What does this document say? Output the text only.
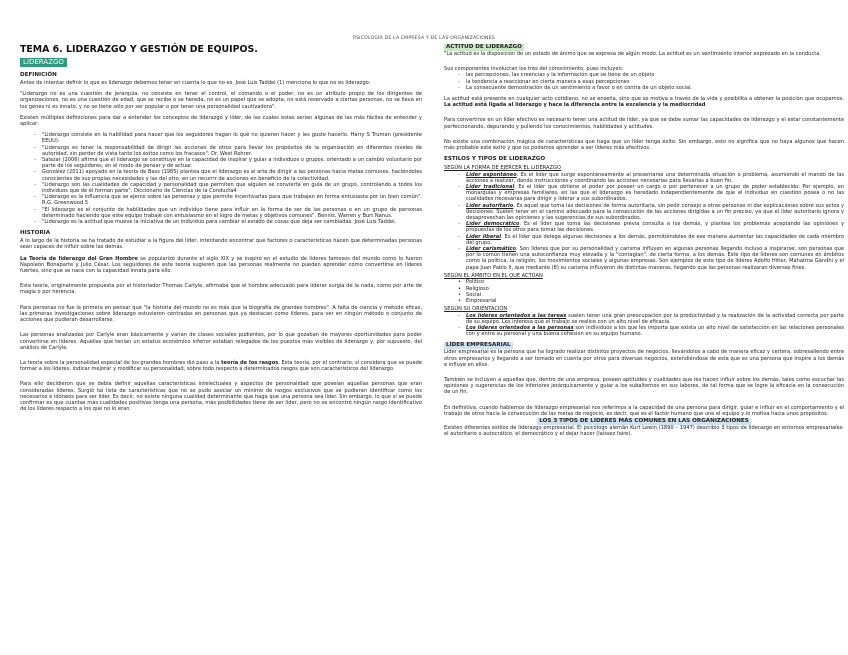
PSICOLOGÍA DE LA EMPRESA Y DE LAS ORGANIZACIONES
TEMA 6. LIDERAZGO Y GESTIÓN DE EQUIPOS.
LIDERAZGO
DEFINICIÓN

Antes de intentar definir lo que es liderazgo debemos tener en cuenta lo que no es. José Luis Taddei (1) menciona lo que no es liderazgo:

"Liderazgo no es una cuestión de jerarquía, no consiste en tener el control, el comando o el poder, no es un atributo propio de los dirigentes de organizaciones, no es una cuestión de edad, que se recibe o se hereda, no es un papel que se adopta, no está reservado a ciertas personas, no se lleva en los genes ni es innato, y no se tiene sólo por ser popular o por tener una personalidad cautivadora".

Existen múltiples definiciones para dar a entender los conceptos de liderazgo y líder, de las cuales estas serían algunas de las más fáciles de entender y aplicar:

- "Liderazgo consiste en la habilidad para hacer que los seguidores hagan lo que no quieren hacer y les guste hacerlo. Harry S Truman (presidente EEUU).
- "Liderazgo es tener la responsabilidad de dirigir las acciones de otros para llevar los propósitos de la organización en diferentes niveles de autoridad, sin perder de vista tanto los éxitos como los fracasos". Dr. West Rohrer.
- Salazar (2006) afirma que el liderazgo se constituye en la capacidad de inspirar y guiar a individuos o grupos, orientado a un cambio voluntario por parte de los seguidores, en el modo de pensar y de actuar.
- González (2011) apoyado en la teoría de Bass (1985) plantea que el liderazgo es el arte de dirigir a las personas hacia metas comunes, haciéndoles conscientes de sus propias necesidades y las del otro, en un recurrir de acciones en beneficio de la colectividad.
- "Liderazgo son las cualidades de capacidad y personalidad que permiten que alguien se convierta en guía de un grupo, controlando a todos los individuos que de él forman parte". Diccionario de Ciencias de la Conducta4
- "Liderazgo es la influencia que se ejerce sobre las personas y que permite incentivarlas para que trabajen en forma entusiasta por un bien común". R.G. Greenwood.5
- "El liderazgo es el conjunto de habilidades que un individuo tiene para influir en la forma de ser de las personas o en un grupo de personas determinado haciendo que este equipo trabaje con entusiasmo en el logro de metas y objetivos comunes". Bennis, Warren y Burt Nanus.
- "Liderazgo es la actitud que mueve la iniciativa de un individuo para cambiar el estado de cosas que deja ser cambiadas. José Luis Taddei.
HISTORIA

A lo largo de la historia se ha tratado de estudiar a la figura del líder, intentando encontrar qué factores o características hacen que determinadas personas sean capaces de influir sobre las demás.

La Teoría de liderazgo del Gran Hombre se popularizó durante el siglo XIX y se inspiró en el estudio de líderes famosos del mundo como lo fueron Napoleón Bonaparte y Julio César. Los seguidores de este teoría sugieren que las personas realmente no pueden aprender cómo convertirse en líderes fuertes, sino que se nace con la capacidad innata para ello.

Esta teoría, originalmente propuesta por el historiador Thomas Carlyle, afirmaba que el hombre adecuado para liderar surgía de la nada, como por arte de magia o por herencia.

Para personas no fue la primera en pensar que "la historia del mundo no es más que la biografía de grandes hombres". A falta de ciencia y método eficaz, las primeras investigaciones sobre liderazgo estuvieron centradas en personas que ya destacan como líderes, para ver en ningún método o conjunto de acciones que pudieran desarrollarse.

Las personas analizadas por Carlyle eran básicamente y varían de clases sociales pudientes, por lo que gozaban de mayores oportunidades para poder convertirse en líderes. Aquellas que tenían un estatus económico inferior estaban relegados de los puestos más visibles de liderazgo y, por supuesto, del análisis de Carlyle.

La teoría sobre la personalidad especial de los grandes hombres dio paso a la teoría de los rasgos. Esta teoría, por el contrario, sí considera que se puede formar a los líderes, indicar mejorar y modificar su personalidad, sobre todo respecto a determinados rasgos que son característicos del liderazgo.

Para ello decidieron que se debía definir aquellas características intelectuales y aspectos de personalidad que poseían aquellas personas que eran consideradas líderes. Surgió tal lista de características que no se pudo asociar un mínimo de rasgos exclusivos que se pudieran identificar como los necesarios e idóneos para ser líder. Es decir, no existe ninguna cualidad determinante que haga que una persona sea líder. Sin embargo, lo que sí se puede confirmar es que cuantas más cualidades positivas tenga una persona, más posibilidades tiene de ser líder, pero no se encontró ningún rasgo identificativo de los líderes respecto a los que no lo eran.

ACTITUD DE LIDERAZGO

"La actitud es la disposición de un estado de ánimo que se expresa de algún modo. La actitud es un sentimiento interior expresado en la conducta.

Sus componentes involucran los tres del conocimiento, pues incluyen:

- las percepciones, las creencias y la información que se tiene de un objeto
- la tendencia a reaccionar en cierta manera a esas percepciones
- La consecuente demostración de un sentimiento a favor o en contra de un objeto social.

La actitud está presente en cualquier acto cotidiano, no se enseña, sino que se motiva a través de la vida y posibilita a obtener la posición que ocupamos. La actitud está ligada al liderazgo y hace la diferencia entre la excelencia y la mediocridad

Para convertirse en un líder efectivo es necesario tener una actitud de líder, ya que se debe sumar las capacidades de liderazgo y el estar constantemente perfeccionando, depurando y puliendo los conocimientos, habilidades y actitudes.

No existe una combinación mágica de características que haga que un líder tenga éxito. Sin embargo, esto no significa que no haya algunos que hacen más probable este éxito y que no podamos aprender a ser líderes más efectivos.

ESTILOS Y TIPOS DE LIDERAZGO
SEGÚN LA FORMA DE EJERCER EL LIDERAZGO
- Líder espontáneo. Es el líder que surge espontáneamente al presentarse una determinada situación o problema, asumiendo el mando de las acciones a realizar, dando instrucciones y coordinando las acciones necesarias para llevarlas a buen fin.
- Líder tradicional. Es el líder que obtiene el poder por poseer un cargo o por pertenecer a un grupo de poder establecido. Por ejemplo, en monarquías y empresas familiares, en las que el liderazgo es heredado independientemente de que el individuo en cuestión posea o no las cualidades necesarias para dirigir y liderar a sus subordinados.
- Líder autoritario. Es aquel que toma las decisiones de forma autoritaria, sin pedir consejo a otras personas ni dar explicaciones sobre sus actos y decisiones. Suelen tener en el camino adecuado para la consecución de las acciones dirigidas a un fin preciso, ya que el líder autoritario ignora y desaprovechan las opiniones y las sugerencias de sus subordinados.
- Líder democrático. Es el líder que toma las decisiones previa consulta a los demás, y plantea los problemas aceptando las opiniones y propuestas de los otros para tomar las decisiones.
- Líder liberal. Es el líder que delega algunas decisiones a los demás, permitiéndoles de ese manera aumentar las capacidades de cada miembro del grupo.
- Líder carismático. Son líderes que por su personalidad y carisma influyen en algunas personas llegando incluso a inspirarse; son personas que por lo común tienen una autoconfianza muy elevada y la "contagian", de cierta forma, a los demás. Este tipo de líderes son comunes en ámbitos como la política, la religión, los movimientos sociales y algunas empresas. Son ejemplos de este tipo de líderes Adolfo Hitler, Mahatma Gandhi y el papa Juan Pablo II, que mediante (8) su carisma influyeron de distintas maneras, llegando que las personas realizaran diversas fines.
SEGÚN EL ÁMBITO EN EL QUE ACTÚAN
• Político
• Religioso
• Social
• Empresarial
SEGÚN SU ORIENTACIÓN
- Los líderes orientados a las tareas suelen tener una gran preocupación por la productividad y la realización de la actividad correcta por parte de su equipo. Les interesa que el trabajo se realice con un alto nivel de eficacia.
- Los líderes orientados a las personas son individuos a los que les importa que exista un alto nivel de satisfacción en las relaciones personales con y entre su personal y una buena cohesión en su equipo humano.
LÍDER EMPRESARIAL

Líder empresarial es la persona que ha logrado realizar distintos proyectos de negocios, llevándolos a cabo de manera eficaz y certera, sobresaliendo entre otros empresarios y llegando a ser tomado en cuenta por otros para diversas negocios, extendiéndose de esta que es una persona que inspire a los demás e influye en ellos.

También se incluyen a aquellas que, dentro de una empresa, poseen aptitudes y cualidades que les hacen influir sobre los demás, tales como escuchar las opiniones y sugerencias de los inferiores jerárquicamente y guiar a los subalternos en sus labores, de tal forma que se logre la eficacia en la consecución de un fin.

En definitiva, cuando hablemos de liderazgo empresarial nos referimos a la capacidad de una persona para dirigir, guiar e influir en el comportamiento y el trabajo de otros hacia la consecución de las metas de negocio, es decir, que es el factor humano que une el equipo y lo motiva hacia unos propósitos.

LOS 3 TIPOS DE LÍDERES MÁS COMUNES EN LAS ORGANIZACIONES

Existen diferentes estilos de liderazgo empresarial. El psicólogo alemán Kurt Lewin (1890 – 1947) describió 3 tipos de liderazgo en entornos empresariales: el autoritario o autocrático, el democrático y el dejar hacer (laissez faire).
